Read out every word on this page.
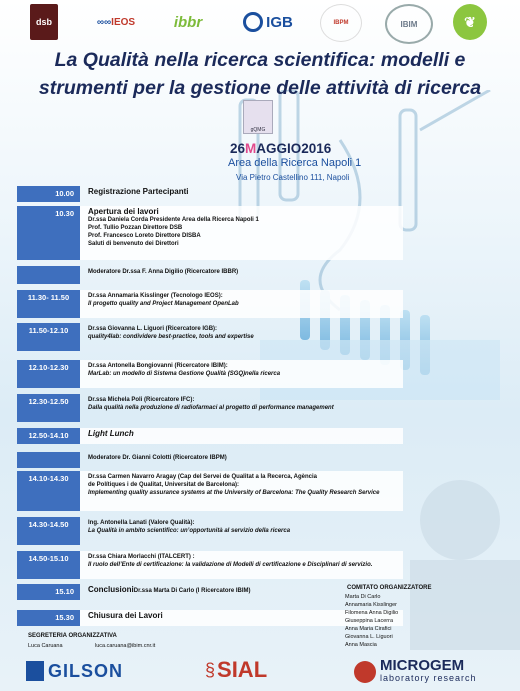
dsb	∞∞ IEOS	ibbr	IGB	IBPM	IBIM	❦
La Qualità nella ricerca scientifica: modelli e
strumenti per la gestione delle attività di ricerca
gQMG
26MAGGIO2016
Area della Ricerca Napoli 1
Via Pietro Castellino 111, Napoli
10.00	Registrazione Partecipanti
10.30	Apertura dei lavori
Dr.ssa Daniela Corda Presidente Area della Ricerca Napoli 1
Prof. Tullio Pozzan Direttore DSB
Prof. Francesco Loreto Direttore DISBA
Saluti di benvenuto dei Direttori
Moderatore Dr.ssa F. Anna Digilio (Ricercatore IBBR)
11.30- 11.50	Dr.ssa Annamaria Kisslinger (Tecnologo IEOS):
Il progetto quality and Project Management OpenLab
11.50-12.10	Dr.ssa Giovanna L. Liguori (Ricercatore IGB):
quality4lab: condividere best-practice, tools and expertise
12.10-12.30	Dr.ssa Antonella Bongiovanni (Ricercatore IBIM):
MarLab: un modello di Sistema Gestione Qualità (SGQ)nella ricerca
12.30-12.50	Dr.ssa Michela Poli (Ricercatore IFC):
Dalla qualità nella produzione di radiofarmaci al progetto di performance management
12.50-14.10	Light Lunch
Moderatore Dr. Gianni Colotti (Ricercatore IBPM)
14.10-14.30	Dr.ssa Carmen Navarro Aragay (Cap del Servei de Qualitat a la Recerca, Agència
de Polítiques i de Qualitat, Universitat de Barcelona):
Implementing quality assurance systems at the University of Barcelona: The Quality Research Service
14.30-14.50	Ing. Antonella Lanati (Valore Qualità):
La Qualità in ambito scientifico: un’opportunità al servizio della ricerca
14.50-15.10	Dr.ssa Chiara Morlacchi (ITALCERT) :
Il ruolo dell’Ente di certificazione: la validazione di Modelli di certificazione e Disciplinari di servizio.
15.10	Conclusioni Dr.ssa Marta Di Carlo (I Ricercatore IBIM)
15.30	Chiusura dei Lavori
SEGRETERIA ORGANIZZATIVA
Luca Caruana	luca.caruana@ibim.cnr.it
COMITATO ORGANIZZATORE
Marta Di Carlo
Annamaria Kisslinger
Filomena Anna Digilio
Giuseppina Lacerra
Anna Maria Cirafici
Giovanna L. Liguori
Anna Mascia
GILSON	§ SIAL	MICROGEM
laboratory research
